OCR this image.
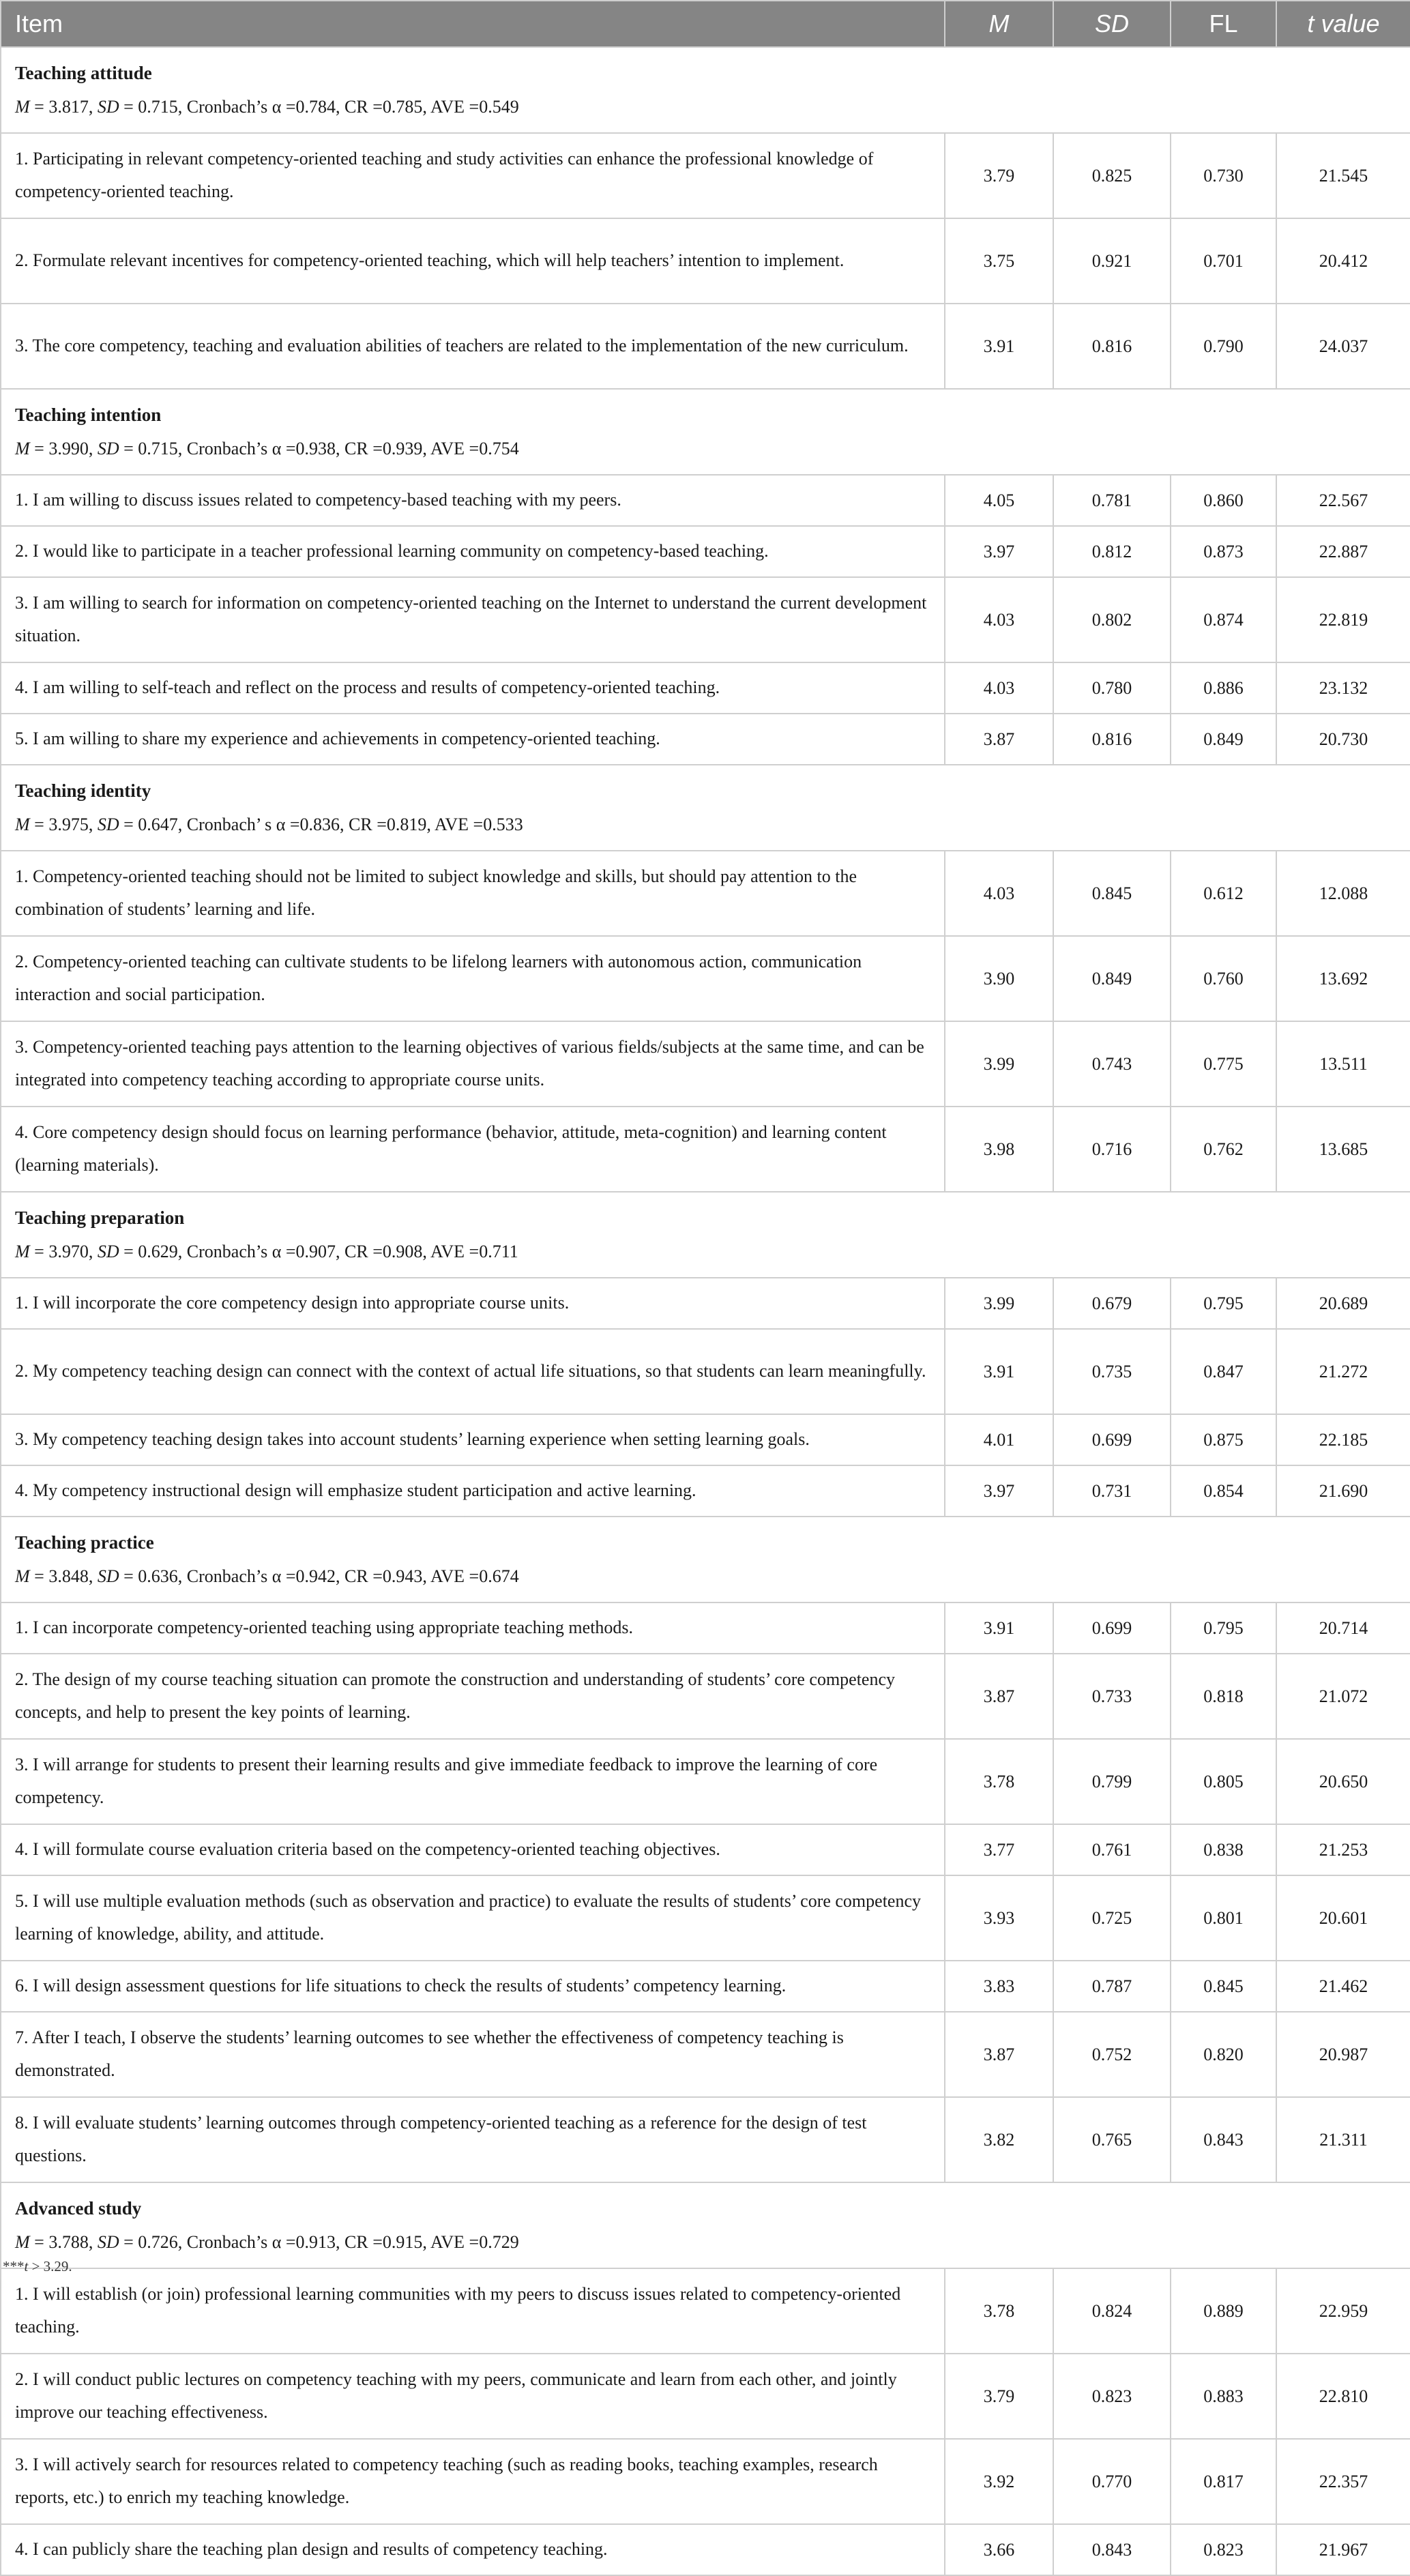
Item	M	SD	FL	t value

Teaching attitude
M = 3.817, SD = 0.715, Cronbach’s α =0.784, CR =0.785, AVE =0.549				

1. Participating in relevant competency-oriented teaching and study activities can enhance the professional knowledge of competency-oriented teaching.	3.79	0.825	0.730	21.545
2. Formulate relevant incentives for competency-oriented teaching, which will help teachers’ intention to implement.	3.75	0.921	0.701	20.412
3. The core competency, teaching and evaluation abilities of teachers are related to the implementation of the new curriculum.	3.91	0.816	0.790	24.037

Teaching intention
M = 3.990, SD = 0.715, Cronbach’s α =0.938, CR =0.939, AVE =0.754				

1. I am willing to discuss issues related to competency-based teaching with my peers.	4.05	0.781	0.860	22.567
2. I would like to participate in a teacher professional learning community on competency-based teaching.	3.97	0.812	0.873	22.887
3. I am willing to search for information on competency-oriented teaching on the Internet to understand the current development situation.	4.03	0.802	0.874	22.819
4. I am willing to self-teach and reflect on the process and results of competency-oriented teaching.	4.03	0.780	0.886	23.132
5. I am willing to share my experience and achievements in competency-oriented teaching.	3.87	0.816	0.849	20.730

Teaching identity
M = 3.975, SD = 0.647, Cronbach’ s α =0.836, CR =0.819, AVE =0.533				

1. Competency-oriented teaching should not be limited to subject knowledge and skills, but should pay attention to the combination of students’ learning and life.	4.03	0.845	0.612	12.088
2. Competency-oriented teaching can cultivate students to be lifelong learners with autonomous action, communication interaction and social participation.	3.90	0.849	0.760	13.692
3. Competency-oriented teaching pays attention to the learning objectives of various fields/subjects at the same time, and can be integrated into competency teaching according to appropriate course units.	3.99	0.743	0.775	13.511
4. Core competency design should focus on learning performance (behavior, attitude, meta-cognition) and learning content (learning materials).	3.98	0.716	0.762	13.685

Teaching preparation
M = 3.970, SD = 0.629, Cronbach’s α =0.907, CR =0.908, AVE =0.711				

1. I will incorporate the core competency design into appropriate course units.	3.99	0.679	0.795	20.689
2. My competency teaching design can connect with the context of actual life situations, so that students can learn meaningfully.	3.91	0.735	0.847	21.272
3. My competency teaching design takes into account students’ learning experience when setting learning goals.	4.01	0.699	0.875	22.185
4. My competency instructional design will emphasize student participation and active learning.	3.97	0.731	0.854	21.690

Teaching practice
M = 3.848, SD = 0.636, Cronbach’s α =0.942, CR =0.943, AVE =0.674				

1. I can incorporate competency-oriented teaching using appropriate teaching methods.	3.91	0.699	0.795	20.714
2. The design of my course teaching situation can promote the construction and understanding of students’ core competency concepts, and help to present the key points of learning.	3.87	0.733	0.818	21.072
3. I will arrange for students to present their learning results and give immediate feedback to improve the learning of core competency.	3.78	0.799	0.805	20.650
4. I will formulate course evaluation criteria based on the competency-oriented teaching objectives.	3.77	0.761	0.838	21.253
5. I will use multiple evaluation methods (such as observation and practice) to evaluate the results of students’ core competency learning of knowledge, ability, and attitude.	3.93	0.725	0.801	20.601
6. I will design assessment questions for life situations to check the results of students’ competency learning.	3.83	0.787	0.845	21.462
7. After I teach, I observe the students’ learning outcomes to see whether the effectiveness of competency teaching is demonstrated.	3.87	0.752	0.820	20.987
8. I will evaluate students’ learning outcomes through competency-oriented teaching as a reference for the design of test questions.	3.82	0.765	0.843	21.311

Advanced study
M = 3.788, SD = 0.726, Cronbach’s α =0.913, CR =0.915, AVE =0.729				

1. I will establish (or join) professional learning communities with my peers to discuss issues related to competency-oriented teaching.	3.78	0.824	0.889	22.959
2. I will conduct public lectures on competency teaching with my peers, communicate and learn from each other, and jointly improve our teaching effectiveness.	3.79	0.823	0.883	22.810
3. I will actively search for resources related to competency teaching (such as reading books, teaching examples, research reports, etc.) to enrich my teaching knowledge.	3.92	0.770	0.817	22.357
4. I can publicly share the teaching plan design and results of competency teaching.	3.66	0.843	0.823	21.967
***t > 3.29.
